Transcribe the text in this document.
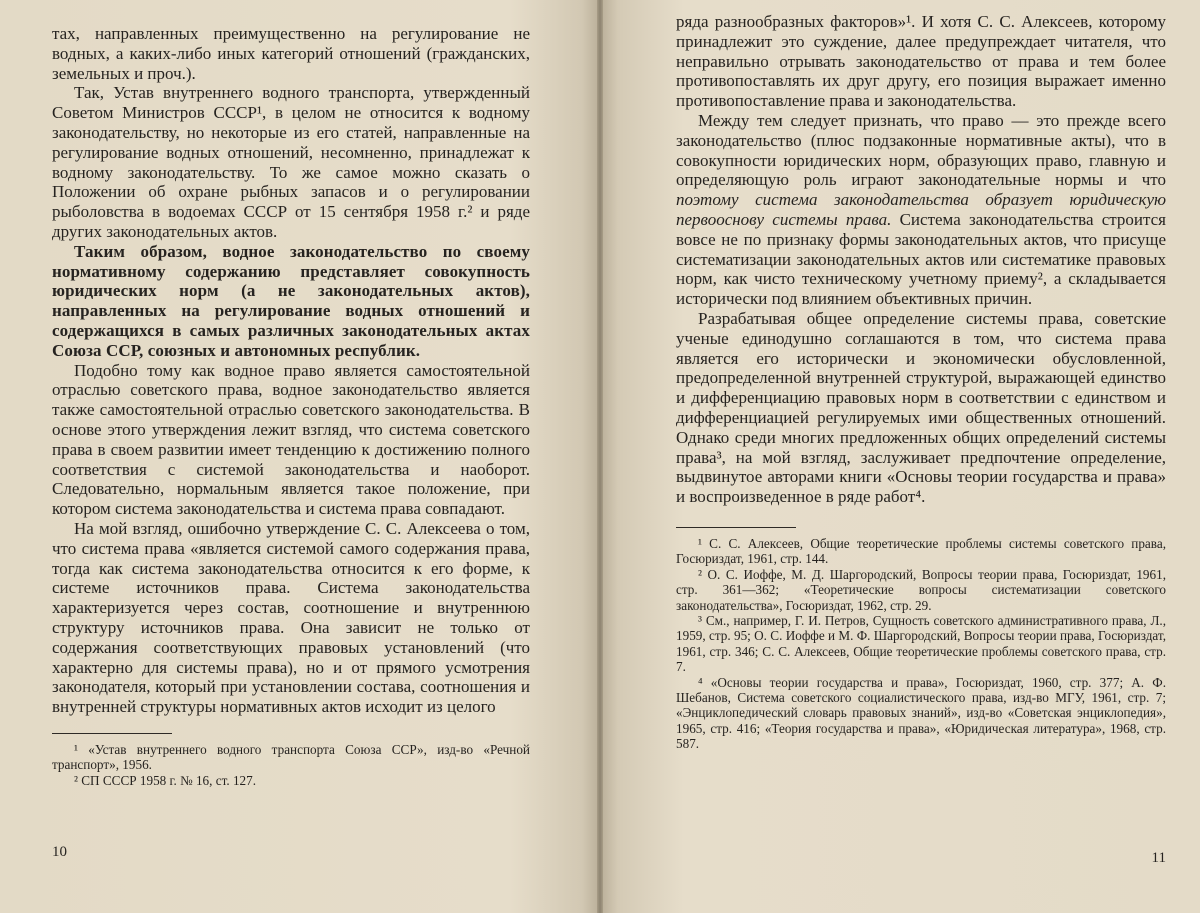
тах, направленных преимущественно на регулирование не водных, а каких-либо иных категорий отношений (гражданских, земельных и проч.).

Так, Устав внутреннего водного транспорта, утвержденный Советом Министров СССР¹, в целом не относится к водному законодательству, но некоторые из его статей, направленные на регулирование водных отношений, несомненно, принадлежат к водному законодательству. То же самое можно сказать о Положении об охране рыбных запасов и о регулировании рыболовства в водоемах СССР от 15 сентября 1958 г.² и ряде других законодательных актов.

Таким образом, водное законодательство по своему нормативному содержанию представляет совокупность юридических норм (а не законодательных актов), направленных на регулирование водных отношений и содержащихся в самых различных законодательных актах Союза ССР, союзных и автономных республик.

Подобно тому как водное право является самостоятельной отраслью советского права, водное законодательство является также самостоятельной отраслью советского законодательства. В основе этого утверждения лежит взгляд, что система советского права в своем развитии имеет тенденцию к достижению полного соответствия с системой законодательства и наоборот. Следовательно, нормальным является такое положение, при котором система законодательства и система права совпадают.

На мой взгляд, ошибочно утверждение С. С. Алексеева о том, что система права «является системой самого содержания права, тогда как система законодательства относится к его форме, к системе источников права. Система законодательства характеризуется через состав, соотношение и внутреннюю структуру источников права. Она зависит не только от содержания соответствующих правовых установлений (что характерно для системы права), но и от прямого усмотрения законодателя, который при установлении состава, соотношения и внутренней структуры нормативных актов исходит из целого

¹ «Устав внутреннего водного транспорта Союза ССР», изд-во «Речной транспорт», 1956.

² СП СССР 1958 г. № 16, ст. 127.

10

ряда разнообразных факторов»¹. И хотя С. С. Алексеев, которому принадлежит это суждение, далее предупреждает читателя, что неправильно отрывать законодательство от права и тем более противопоставлять их друг другу, его позиция выражает именно противопоставление права и законодательства.

Между тем следует признать, что право — это прежде всего законодательство (плюс подзаконные нормативные акты), что в совокупности юридических норм, образующих право, главную и определяющую роль играют законодательные нормы и что поэтому система законодательства образует юридическую первооснову системы права. Система законодательства строится вовсе не по признаку формы законодательных актов, что присуще систематизации законодательных актов или систематике правовых норм, как чисто техническому учетному приему², а складывается исторически под влиянием объективных причин.

Разрабатывая общее определение системы права, советские ученые единодушно соглашаются в том, что система права является его исторически и экономически обусловленной, предопределенной внутренней структурой, выражающей единство и дифференциацию правовых норм в соответствии с единством и дифференциацией регулируемых ими общественных отношений. Однако среди многих предложенных общих определений системы права³, на мой взгляд, заслуживает предпочтение определение, выдвинутое авторами книги «Основы теории государства и права» и воспроизведенное в ряде работ⁴.

¹ С. С. Алексеев, Общие теоретические проблемы системы советского права, Госюриздат, 1961, стр. 144.

² О. С. Иоффе, М. Д. Шаргородский, Вопросы теории права, Госюриздат, 1961, стр. 361—362; «Теоретические вопросы систематизации советского законодательства», Госюриздат, 1962, стр. 29.

³ См., например, Г. И. Петров, Сущность советского административного права, Л., 1959, стр. 95; О. С. Иоффе и М. Ф. Шаргородский, Вопросы теории права, Госюриздат, 1961, стр. 346; С. С. Алексеев, Общие теоретические проблемы советского права, стр. 7.

⁴ «Основы теории государства и права», Госюриздат, 1960, стр. 377; А. Ф. Шебанов, Система советского социалистического права, изд-во МГУ, 1961, стр. 7; «Энциклопедический словарь правовых знаний», изд-во «Советская энциклопедия», 1965, стр. 416; «Теория государства и права», «Юридическая литература», 1968, стр. 587.

11
